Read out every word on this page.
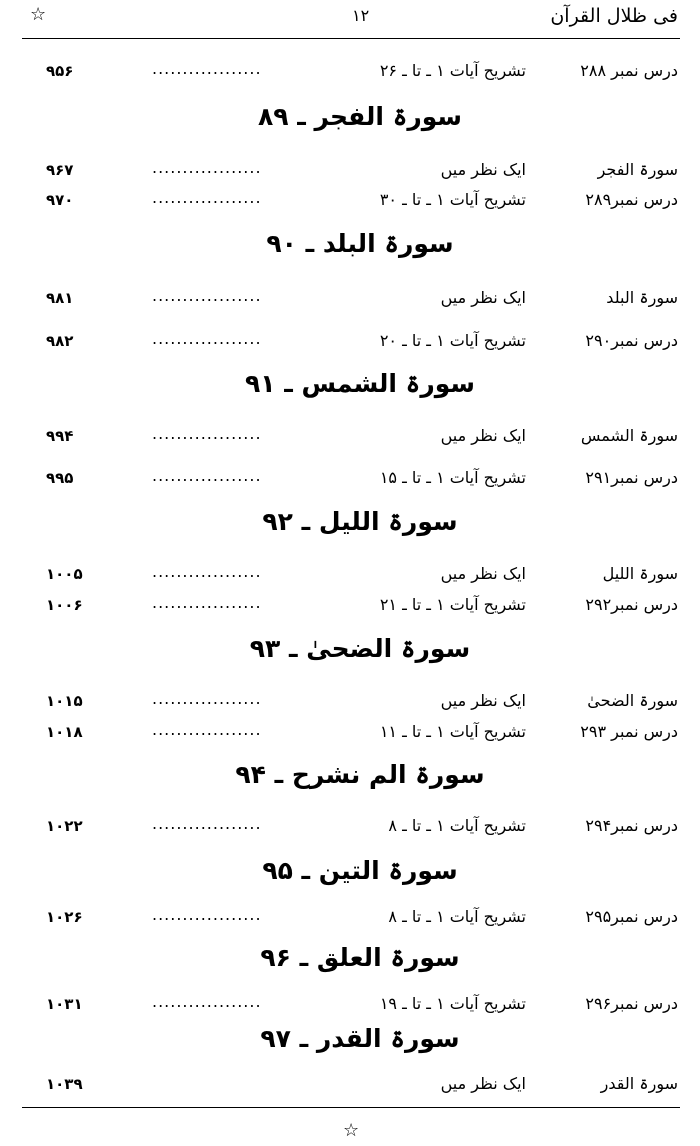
☆	۱۲	فی ظلال القرآن
درس نمبر ۲۸۸
تشریح آیات ۱ ـ تا ـ ۲۶
..................
۹۵۶
سورۃ الفجر ـ ۸۹
سورۃ الفجر
ایک نظر میں
..................
۹۶۷
درس نمبر۲۸۹
تشریح آیات ۱ ـ تا ـ ۳۰
..................
۹۷۰
سورۃ البلد ـ ۹۰
سورۃ البلد
ایک نظر میں
..................
۹۸۱
درس نمبر۲۹۰
تشریح آیات ۱ ـ تا ـ ۲۰
..................
۹۸۲
سورۃ الشمس ـ ۹۱
سورۃ الشمس
ایک نظر میں
..................
۹۹۴
درس نمبر۲۹۱
تشریح آیات ۱ ـ تا ـ ۱۵
..................
۹۹۵
سورۃ اللیل ـ ۹۲
سورۃ اللیل
ایک نظر میں
..................
۱۰۰۵
درس نمبر۲۹۲
تشریح آیات ۱ ـ تا ـ ۲۱
..................
۱۰۰۶
سورۃ الضحیٰ ـ ۹۳
سورۃ الضحیٰ
ایک نظر میں
..................
۱۰۱۵
درس نمبر ۲۹۳
تشریح آیات ۱ ـ تا ـ ۱۱
..................
۱۰۱۸
سورۃ الم نشرح ـ ۹۴
درس نمبر۲۹۴
تشریح آیات ۱ ـ تا ـ ۸
..................
۱۰۲۲
سورۃ التین ـ ۹۵
درس نمبر۲۹۵
تشریح آیات ۱ ـ تا ـ ۸
..................
۱۰۲۶
سورۃ العلق ـ ۹۶
درس نمبر۲۹۶
تشریح آیات ۱ ـ تا ـ ۱۹
..................
۱۰۳۱
سورۃ القدر ـ ۹۷
سورۃ القدر
ایک نظر میں
۱۰۳۹
☆
